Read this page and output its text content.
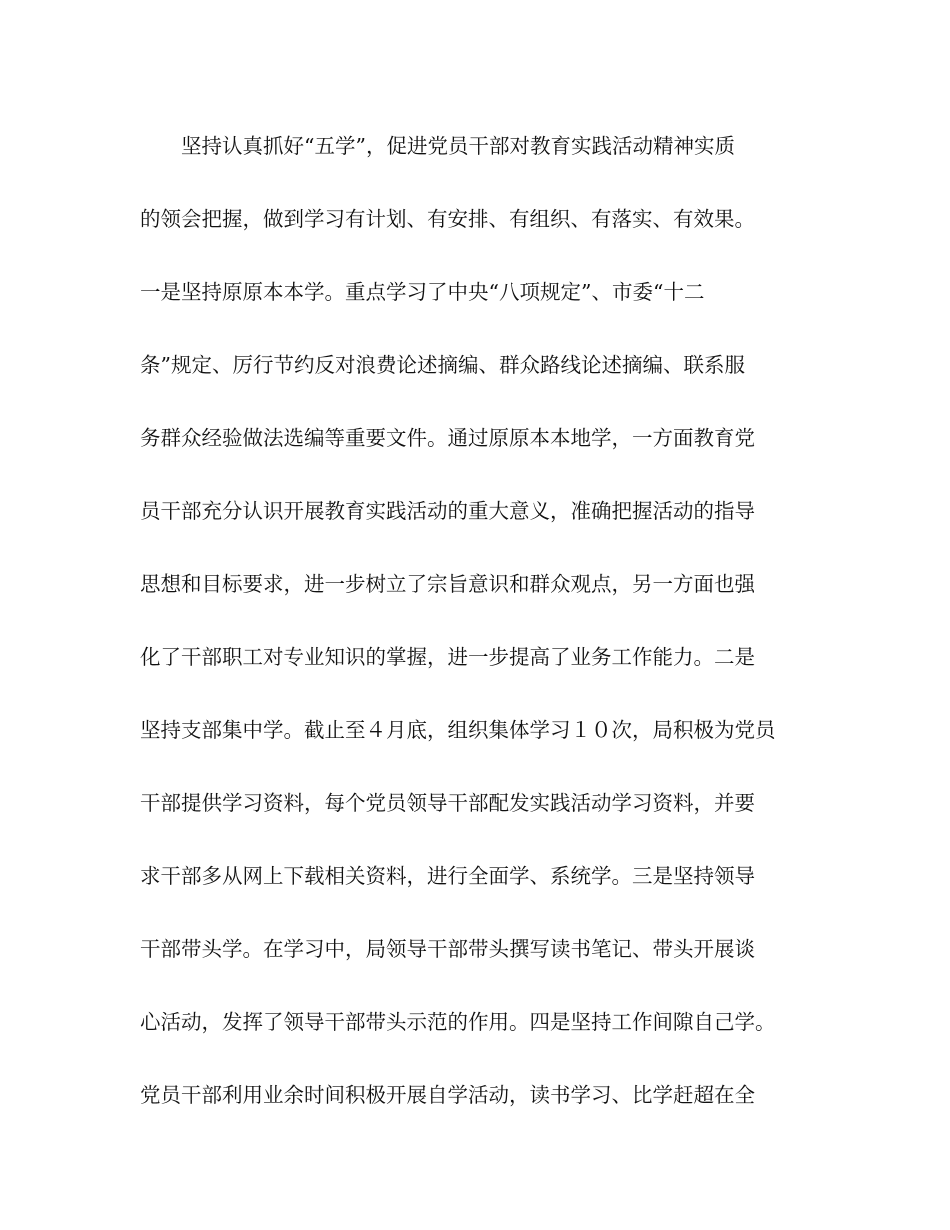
坚持认真抓好“五学”，促进党员干部对教育实践活动精神实质
的领会把握，做到学习有计划、有安排、有组织、有落实、有效果。
一是坚持原原本本学。重点学习了中央“八项规定”、市委“十二
条”规定、厉行节约反对浪费论述摘编、群众路线论述摘编、联系服
务群众经验做法选编等重要文件。通过原原本本地学，一方面教育党
员干部充分认识开展教育实践活动的重大意义，准确把握活动的指导
思想和目标要求，进一步树立了宗旨意识和群众观点，另一方面也强
化了干部职工对专业知识的掌握，进一步提高了业务工作能力。二是
坚持支部集中学。截止至４月底，组织集体学习１０次，局积极为党员
干部提供学习资料，每个党员领导干部配发实践活动学习资料，并要
求干部多从网上下载相关资料，进行全面学、系统学。三是坚持领导
干部带头学。在学习中，局领导干部带头撰写读书笔记、带头开展谈
心活动，发挥了领导干部带头示范的作用。四是坚持工作间隙自己学。
党员干部利用业余时间积极开展自学活动，读书学习、比学赶超在全
